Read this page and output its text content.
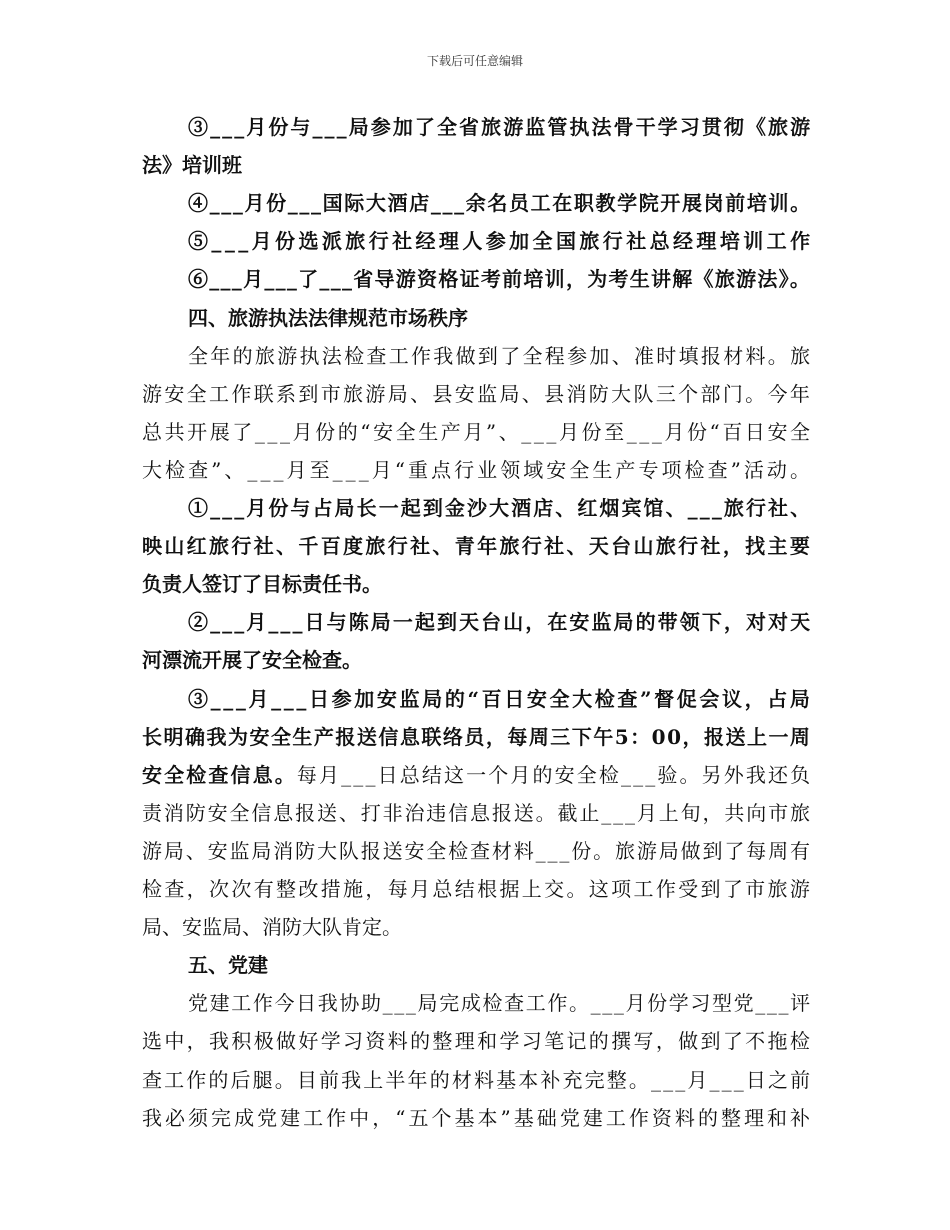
下载后可任意编辑
③___月份与___局参加了全省旅游监管执法骨干学习贯彻《旅游
法》培训班
④___月份___国际大酒店___余名员工在职教学院开展岗前培训。
⑤___月份选派旅行社经理人参加全国旅行社总经理培训工作
⑥___月___了___省导游资格证考前培训，为考生讲解《旅游法》。
四、旅游执法法律规范市场秩序
全年的旅游执法检查工作我做到了全程参加、准时填报材料。旅
游安全工作联系到市旅游局、县安监局、县消防大队三个部门。今年
总共开展了___月份的“安全生产月”、___月份至___月份“百日安全
大检查”、___月至___月“重点行业领域安全生产专项检查”活动。
①___月份与占局长一起到金沙大酒店、红烟宾馆、___旅行社、
映山红旅行社、千百度旅行社、青年旅行社、天台山旅行社，找主要
负责人签订了目标责任书。
②___月___日与陈局一起到天台山，在安监局的带领下，对对天
河漂流开展了安全检查。
③___月___日参加安监局的“百日安全大检查”督促会议，占局
长明确我为安全生产报送信息联络员，每周三下午5：00，报送上一周
安全检查信息。每月___日总结这一个月的安全检___验。另外我还负
责消防安全信息报送、打非治违信息报送。截止___月上旬，共向市旅
游局、安监局消防大队报送安全检查材料___份。旅游局做到了每周有
检查，次次有整改措施，每月总结根据上交。这项工作受到了市旅游
局、安监局、消防大队肯定。
五、党建
党建工作今日我协助___局完成检查工作。___月份学习型党___评
选中，我积极做好学习资料的整理和学习笔记的撰写，做到了不拖检
查工作的后腿。目前我上半年的材料基本补充完整。___月___日之前
我必须完成党建工作中，“五个基本”基础党建工作资料的整理和补
